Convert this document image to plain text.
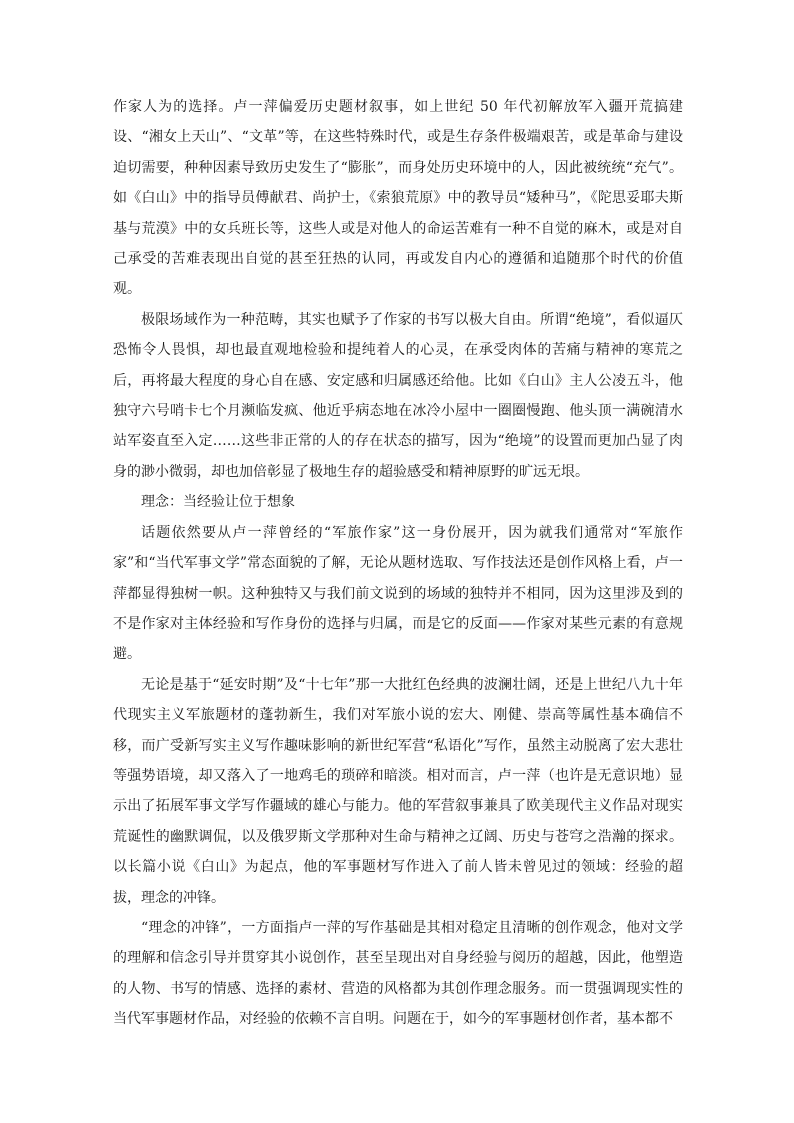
作家人为的选择。卢一萍偏爱历史题材叙事，如上世纪 50 年代初解放军入疆开荒搞建设、“湘女上天山”、“文革”等，在这些特殊时代，或是生存条件极端艰苦，或是革命与建设迫切需要，种种因素导致历史发生了“膨胀”，而身处历史环境中的人，因此被统统“充气”。如《白山》中的指导员傅献君、尚护士，《索狼荒原》中的教导员“矮种马”，《陀思妥耶夫斯基与荒漠》中的女兵班长等，这些人或是对他人的命运苦难有一种不自觉的麻木，或是对自己承受的苦难表现出自觉的甚至狂热的认同，再或发自内心的遵循和追随那个时代的价值观。

极限场域作为一种范畴，其实也赋予了作家的书写以极大自由。所谓“绝境”，看似逼仄恐怖令人畏惧，却也最直观地检验和提纯着人的心灵，在承受肉体的苦痛与精神的寒荒之后，再将最大程度的身心自在感、安定感和归属感还给他。比如《白山》主人公凌五斗，他独守六号哨卡七个月濒临发疯、他近乎病态地在冰冷小屋中一圈圈慢跑、他头顶一满碗清水站军姿直至入定……这些非正常的人的存在状态的描写，因为“绝境”的设置而更加凸显了肉身的渺小微弱，却也加倍彰显了极地生存的超验感受和精神原野的旷远无垠。

理念：当经验让位于想象

话题依然要从卢一萍曾经的“军旅作家”这一身份展开，因为就我们通常对“军旅作家”和“当代军事文学”常态面貌的了解，无论从题材选取、写作技法还是创作风格上看，卢一萍都显得独树一帜。这种独特又与我们前文说到的场域的独特并不相同，因为这里涉及到的不是作家对主体经验和写作身份的选择与归属，而是它的反面——作家对某些元素的有意规避。

无论是基于“延安时期”及“十七年”那一大批红色经典的波澜壮阔，还是上世纪八九十年代现实主义军旅题材的蓬勃新生，我们对军旅小说的宏大、刚健、崇高等属性基本确信不移，而广受新写实主义写作趣味影响的新世纪军营“私语化”写作，虽然主动脱离了宏大悲壮等强势语境，却又落入了一地鸡毛的琐碎和暗淡。相对而言，卢一萍（也许是无意识地）显示出了拓展军事文学写作疆域的雄心与能力。他的军营叙事兼具了欧美现代主义作品对现实荒诞性的幽默调侃，以及俄罗斯文学那种对生命与精神之辽阔、历史与苍穹之浩瀚的探求。以长篇小说《白山》为起点，他的军事题材写作进入了前人皆未曾见过的领域：经验的超拔，理念的冲锋。

“理念的冲锋”，一方面指卢一萍的写作基础是其相对稳定且清晰的创作观念，他对文学的理解和信念引导并贯穿其小说创作，甚至呈现出对自身经验与阅历的超越，因此，他塑造的人物、书写的情感、选择的素材、营造的风格都为其创作理念服务。而一贯强调现实性的当代军事题材作品，对经验的依赖不言自明。问题在于，如今的军事题材创作者，基本都不
